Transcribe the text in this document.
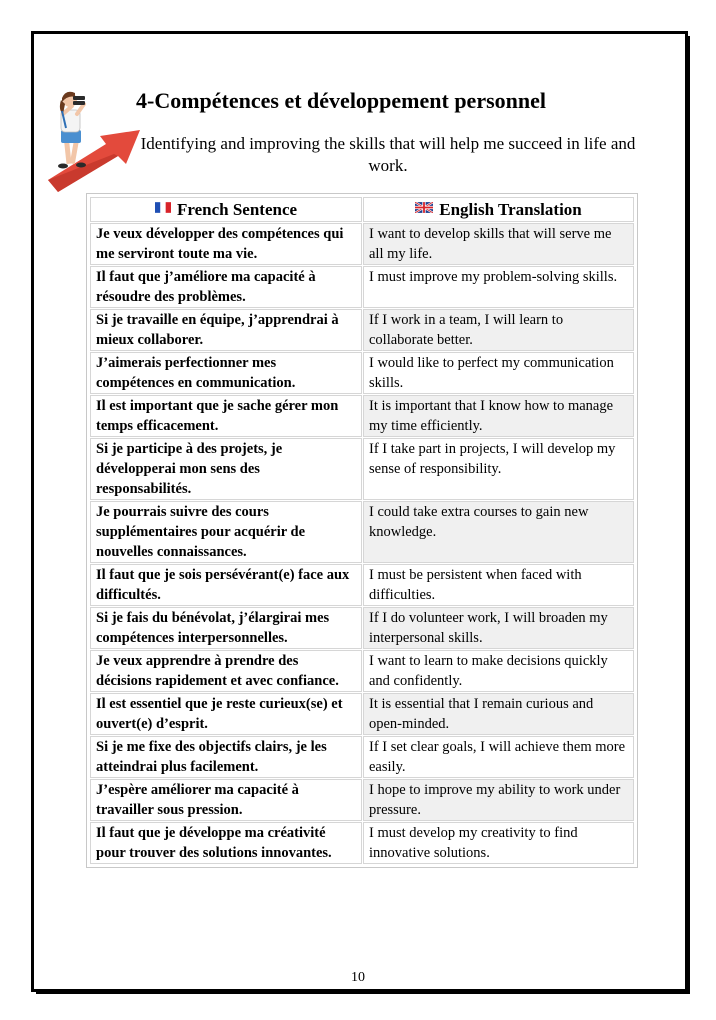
4-Compétences et développement personnel
Identifying and improving the skills that will help me succeed in life and work.
French Sentence	English Translation
Je veux développer des compétences qui me serviront toute ma vie.	I want to develop skills that will serve me all my life.
Il faut que j’améliore ma capacité à résoudre des problèmes.	I must improve my problem-solving skills.
Si je travaille en équipe, j’apprendrai à mieux collaborer.	If I work in a team, I will learn to collaborate better.
J’aimerais perfectionner mes compétences en communication.	I would like to perfect my communication skills.
Il est important que je sache gérer mon temps efficacement.	It is important that I know how to manage my time efficiently.
Si je participe à des projets, je développerai mon sens des responsabilités.	If I take part in projects, I will develop my sense of responsibility.
Je pourrais suivre des cours supplémentaires pour acquérir de nouvelles connaissances.	I could take extra courses to gain new knowledge.
Il faut que je sois persévérant(e) face aux difficultés.	I must be persistent when faced with difficulties.
Si je fais du bénévolat, j’élargirai mes compétences interpersonnelles.	If I do volunteer work, I will broaden my interpersonal skills.
Je veux apprendre à prendre des décisions rapidement et avec confiance.	I want to learn to make decisions quickly and confidently.
Il est essentiel que je reste curieux(se) et ouvert(e) d’esprit.	It is essential that I remain curious and open-minded.
Si je me fixe des objectifs clairs, je les atteindrai plus facilement.	If I set clear goals, I will achieve them more easily.
J’espère améliorer ma capacité à travailler sous pression.	I hope to improve my ability to work under pressure.
Il faut que je développe ma créativité pour trouver des solutions innovantes.	I must develop my creativity to find innovative solutions.
10
